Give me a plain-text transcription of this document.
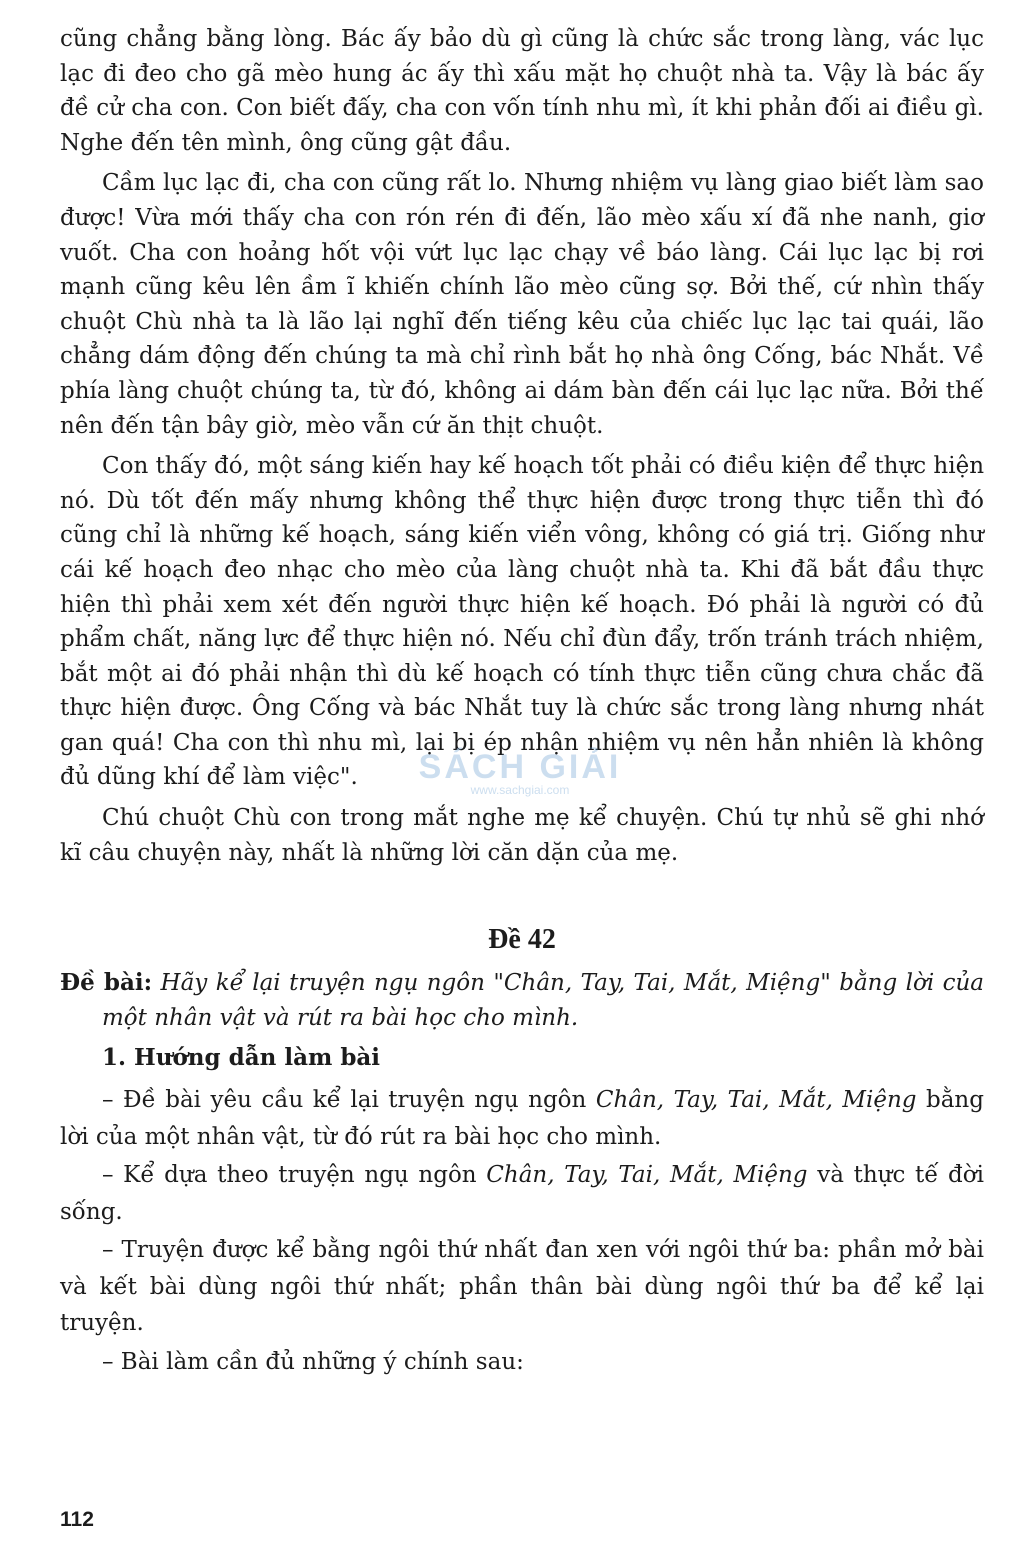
cũng chẳng bằng lòng. Bác ấy bảo dù gì cũng là chức sắc trong làng, vác lục lạc đi đeo cho gã mèo hung ác ấy thì xấu mặt họ chuột nhà ta. Vậy là bác ấy đề cử cha con. Con biết đấy, cha con vốn tính nhu mì, ít khi phản đối ai điều gì. Nghe đến tên mình, ông cũng gật đầu.

Cầm lục lạc đi, cha con cũng rất lo. Nhưng nhiệm vụ làng giao biết làm sao được! Vừa mới thấy cha con rón rén đi đến, lão mèo xấu xí đã nhe nanh, giơ vuốt. Cha con hoảng hốt vội vứt lục lạc chạy về báo làng. Cái lục lạc bị rơi mạnh cũng kêu lên ầm ĩ khiến chính lão mèo cũng sợ. Bởi thế, cứ nhìn thấy chuột Chù nhà ta là lão lại nghĩ đến tiếng kêu của chiếc lục lạc tai quái, lão chẳng dám động đến chúng ta mà chỉ rình bắt họ nhà ông Cống, bác Nhắt. Về phía làng chuột chúng ta, từ đó, không ai dám bàn đến cái lục lạc nữa. Bởi thế nên đến tận bây giờ, mèo vẫn cứ ăn thịt chuột.

Con thấy đó, một sáng kiến hay kế hoạch tốt phải có điều kiện để thực hiện nó. Dù tốt đến mấy nhưng không thể thực hiện được trong thực tiễn thì đó cũng chỉ là những kế hoạch, sáng kiến viển vông, không có giá trị. Giống như cái kế hoạch đeo nhạc cho mèo của làng chuột nhà ta. Khi đã bắt đầu thực hiện thì phải xem xét đến người thực hiện kế hoạch. Đó phải là người có đủ phẩm chất, năng lực để thực hiện nó. Nếu chỉ đùn đẩy, trốn tránh trách nhiệm, bắt một ai đó phải nhận thì dù kế hoạch có tính thực tiễn cũng chưa chắc đã thực hiện được. Ông Cống và bác Nhắt tuy là chức sắc trong làng nhưng nhát gan quá! Cha con thì nhu mì, lại bị ép nhận nhiệm vụ nên hẳn nhiên là không đủ dũng khí để làm việc".

Chú chuột Chù con trong mắt nghe mẹ kể chuyện. Chú tự nhủ sẽ ghi nhớ kĩ câu chuyện này, nhất là những lời căn dặn của mẹ.

Đề 42

Đề bài: Hãy kể lại truyện ngụ ngôn "Chân, Tay, Tai, Mắt, Miệng" bằng lời của một nhân vật và rút ra bài học cho mình.

1. Hướng dẫn làm bài

– Đề bài yêu cầu kể lại truyện ngụ ngôn Chân, Tay, Tai, Mắt, Miệng bằng lời của một nhân vật, từ đó rút ra bài học cho mình.

– Kể dựa theo truyện ngụ ngôn Chân, Tay, Tai, Mắt, Miệng và thực tế đời sống.

– Truyện được kể bằng ngôi thứ nhất đan xen với ngôi thứ ba: phần mở bài và kết bài dùng ngôi thứ nhất; phần thân bài dùng ngôi thứ ba để kể lại truyện.

– Bài làm cần đủ những ý chính sau:

SÁCH GIẢI
www.sachgiai.com
112
